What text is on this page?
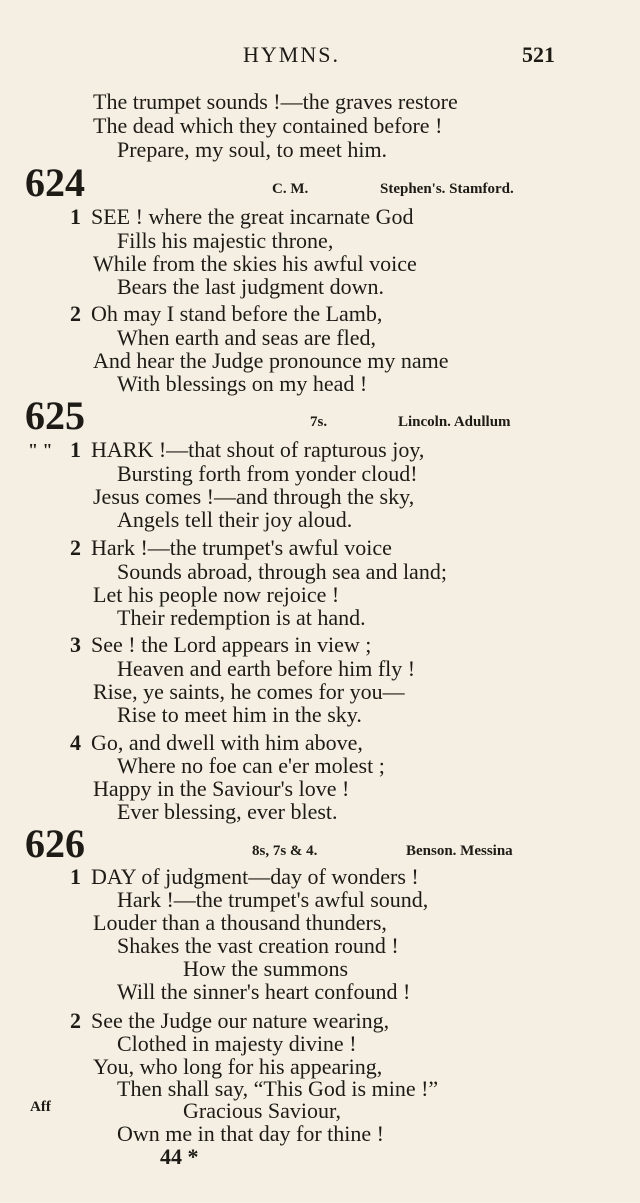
HYMNS.	521
The trumpet sounds !—the graves restore
The dead which they contained before !
Prepare, my soul, to meet him.
624	C. M.	Stephen's. Stamford.
1 SEE ! where the great incarnate God
Fills his majestic throne,
While from the skies his awful voice
Bears the last judgment down.
2 Oh may I stand before the Lamb,
When earth and seas are fled,
And hear the Judge pronounce my name
With blessings on my head !
625	7s.	Lincoln. Adullum
" " 1 HARK !—that shout of rapturous joy,
Bursting forth from yonder cloud!
Jesus comes !—and through the sky,
Angels tell their joy aloud.
2 Hark !—the trumpet's awful voice
Sounds abroad, through sea and land;
Let his people now rejoice !
Their redemption is at hand.
3 See ! the Lord appears in view ;
Heaven and earth before him fly !
Rise, ye saints, he comes for you—
Rise to meet him in the sky.
4 Go, and dwell with him above,
Where no foe can e'er molest ;
Happy in the Saviour's love !
Ever blessing, ever blest.
626	8s, 7s & 4.	Benson. Messina
1 DAY of judgment—day of wonders !
Hark !—the trumpet's awful sound,
Louder than a thousand thunders,
Shakes the vast creation round !
How the summons
Will the sinner's heart confound !
2 See the Judge our nature wearing,
Clothed in majesty divine !
You, who long for his appearing,
Then shall say, “This God is mine !”
Aff	Gracious Saviour,
Own me in that day for thine !
44 *
